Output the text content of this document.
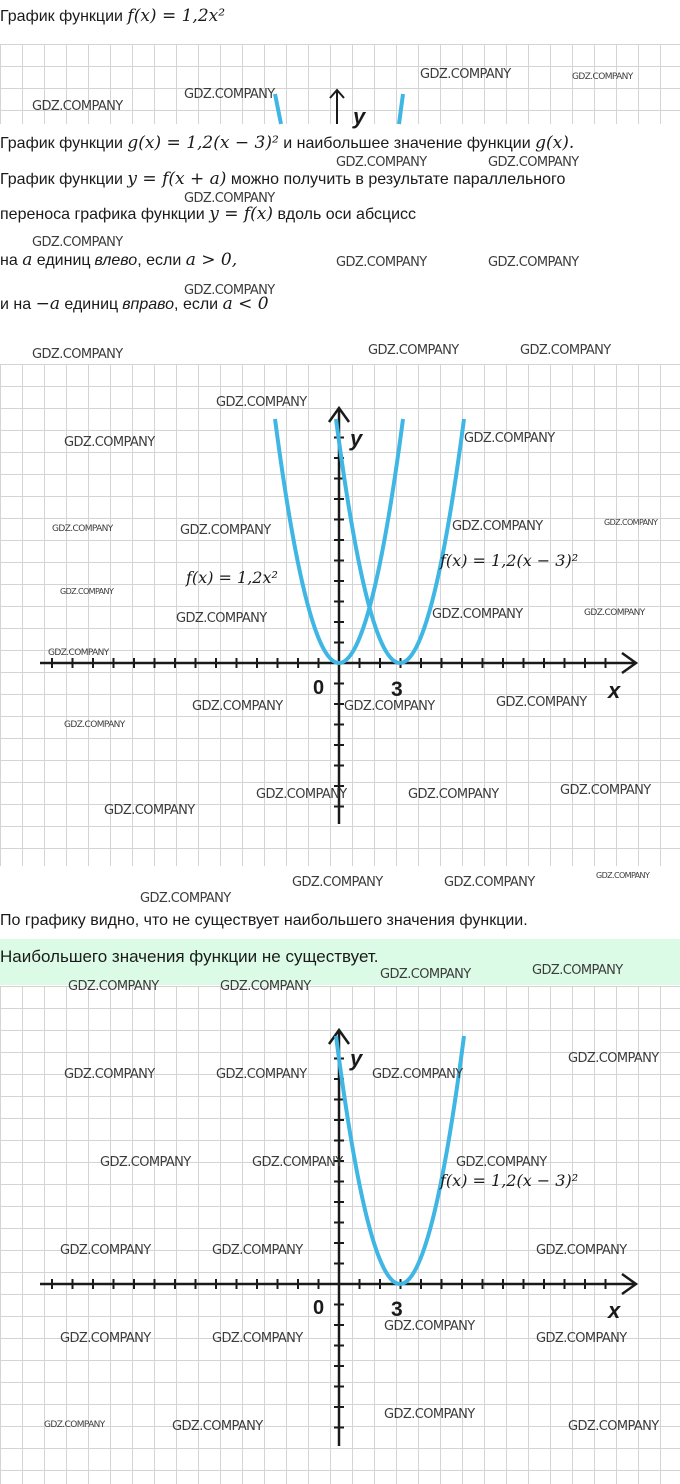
График функции f(x) = 1,2x²
y
График функции g(x) = 1,2(x − 3)² и наибольшее значение функции g(x).
График функции y = f(x + a) можно получить в результате параллельного
переноса графика функции y = f(x) вдоль оси абсцисс
на a единиц влево, если a > 0,
и на −a единиц вправо, если a < 0
y
x
0	3
f(x) = 1,2x²
f(x) = 1,2(x − 3)²
По графику видно, что не существует наибольшего значения функции.
Наибольшего значения функции не существует.
y
x
0	3
f(x) = 1,2(x − 3)²
GDZ.COMPANY	GDZ.COMPANY
GDZ.COMPANY
GDZ.COMPANY
GDZ.COMPANY	GDZ.COMPANY
GDZ.COMPANY
GDZ.COMPANY
GDZ.COMPANY	GDZ.COMPANY
GDZ.COMPANY
GDZ.COMPANY	GDZ.COMPANY	GDZ.COMPANY
GDZ.COMPANY
GDZ.COMPANY	GDZ.COMPANY
GDZ.COMPANY	GDZ.COMPANY	GDZ.COMPANY	GDZ.COMPANY
GDZ.COMPANY
GDZ.COMPANY	GDZ.COMPANY	GDZ.COMPANY
GDZ.COMPANY
GDZ.COMPANY	GDZ.COMPANY	GDZ.COMPANY
GDZ.COMPANY
GDZ.COMPANY	GDZ.COMPANY	GDZ.COMPANY
GDZ.COMPANY
GDZ.COMPANY	GDZ.COMPANY	GDZ.COMPANY
GDZ.COMPANY
GDZ.COMPANY	GDZ.COMPANY
GDZ.COMPANY	GDZ.COMPANY
GDZ.COMPANY
GDZ.COMPANY	GDZ.COMPANY	GDZ.COMPANY
GDZ.COMPANY	GDZ.COMPANY	GDZ.COMPANY
GDZ.COMPANY	GDZ.COMPANY	GDZ.COMPANY
GDZ.COMPANY
GDZ.COMPANY	GDZ.COMPANY	GDZ.COMPANY
GDZ.COMPANY
GDZ.COMPANY	GDZ.COMPANY	GDZ.COMPANY
